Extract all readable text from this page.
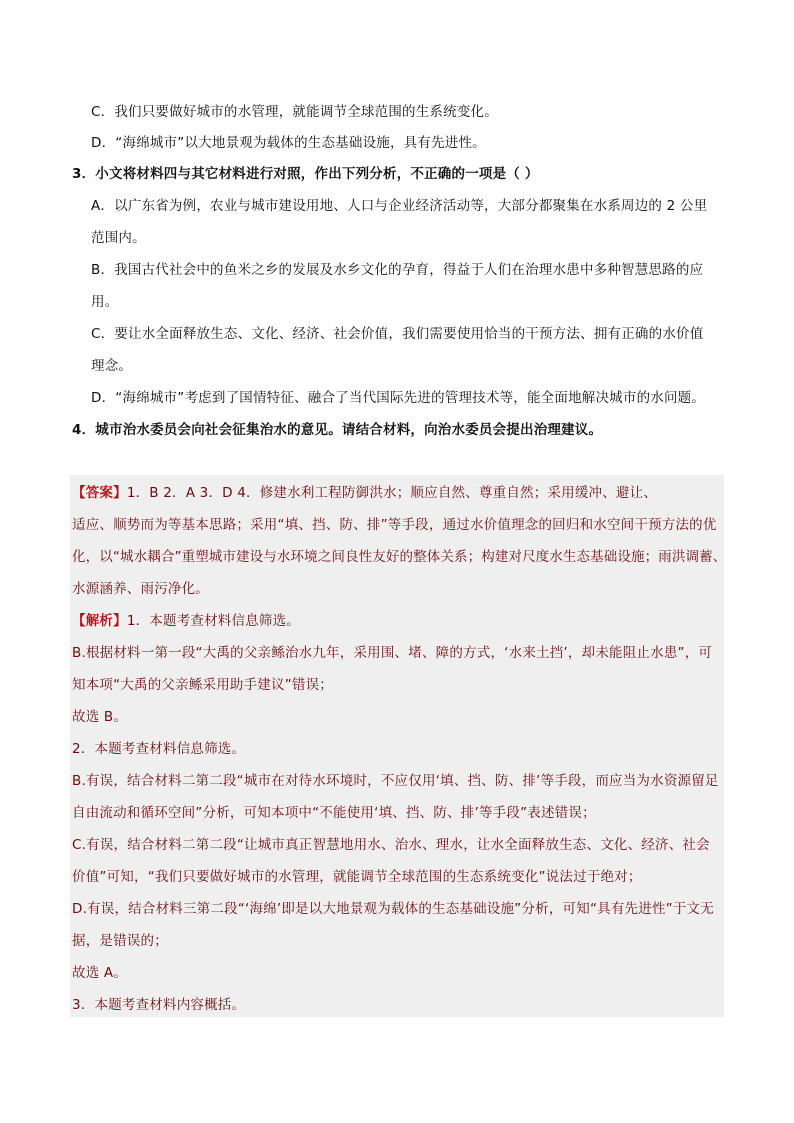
C．我们只要做好城市的水管理，就能调节全球范围的生系统变化。
D．“海绵城市”以大地景观为载体的生态基础设施，具有先进性。
3．小文将材料四与其它材料进行对照，作出下列分析，不正确的一项是（ ）
A．以广东省为例，农业与城市建设用地、人口与企业经济活动等，大部分都聚集在水系周边的 2 公里
范围内。
B．我国古代社会中的鱼米之乡的发展及水乡文化的孕育，得益于人们在治理水患中多种智慧思路的应
用。
C．要让水全面释放生态、文化、经济、社会价值，我们需要使用恰当的干预方法、拥有正确的水价值
理念。
D．“海绵城市”考虑到了国情特征、融合了当代国际先进的管理技术等，能全面地解决城市的水问题。
4．城市治水委员会向社会征集治水的意见。请结合材料，向治水委员会提出治理建议。
【答案】1．B 2．A 3．D 4．修建水利工程防御洪水；顺应自然、尊重自然；采用缓冲、避让、
适应、顺势而为等基本思路；采用“填、挡、防、排”等手段，通过水价值理念的回归和水空间干预方法的优
化，以“城水耦合”重塑城市建设与水环境之间良性友好的整体关系；构建对尺度水生态基础设施；雨洪调蓄、
水源涵养、雨污净化。
【解析】1．本题考查材料信息筛选。
B.根据材料一第一段“大禹的父亲鲧治水九年，采用围、堵、障的方式，‘水来土挡’，却未能阻止水患”，可
知本项“大禹的父亲鲧采用助手建议”错误；
故选 B。
2．本题考查材料信息筛选。
B.有误，结合材料二第二段“城市在对待水环境时，不应仅用‘填、挡、防、排’等手段，而应当为水资源留足
自由流动和循环空间”分析，可知本项中“不能使用‘填、挡、防、排’等手段”表述错误；
C.有误，结合材料二第二段“让城市真正智慧地用水、治水、理水，让水全面释放生态、文化、经济、社会
价值”可知，“我们只要做好城市的水管理，就能调节全球范围的生态系统变化”说法过于绝对；
D.有误，结合材料三第二段“‘海绵’即是以大地景观为载体的生态基础设施”分析，可知“具有先进性”于文无
据，是错误的；
故选 A。
3．本题考查材料内容概括。
